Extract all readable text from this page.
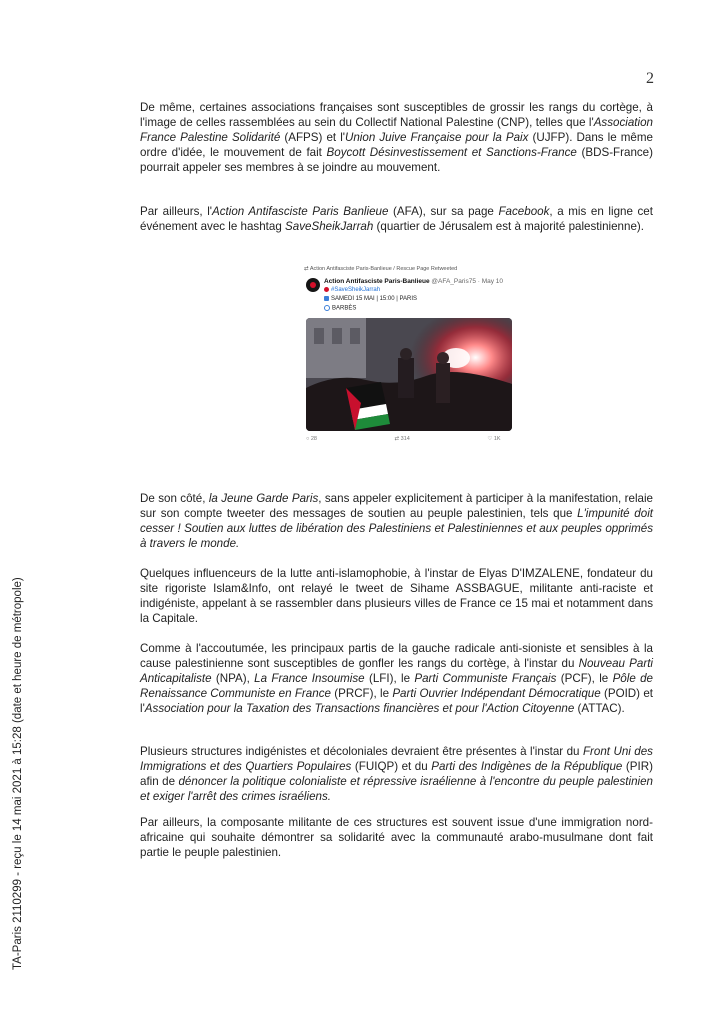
2
TA-Paris 2110299 - reçu le 14 mai 2021 à 15:28 (date et heure de métropole)

De même, certaines associations françaises sont susceptibles de grossir les rangs du cortège, à l'image de celles rassemblées au sein du Collectif National Palestine (CNP), telles que l'Association France Palestine Solidarité (AFPS) et l'Union Juive Française pour la Paix (UJFP). Dans le même ordre d'idée, le mouvement de fait Boycott Désinvestissement et Sanctions-France (BDS-France) pourrait appeler ses membres à se joindre au mouvement.

Par ailleurs, l'Action Antifasciste Paris Banlieue (AFA), sur sa page Facebook, a mis en ligne cet événement avec le hashtag SaveSheikJarrah (quartier de Jérusalem est à majorité palestinienne).

⇄ Action Antifasciste Paris-Banlieue / Rescue Page Retweeted
Action Antifasciste Paris-Banlieue @AFA_Paris75 · May 10
#SaveSheikJarrah
SAMEDI 15 MAI | 15:00 | PARIS
BARBÈS
○ 28	⇄ 314	♡ 1K

De son côté, la Jeune Garde Paris, sans appeler explicitement à participer à la manifestation, relaie sur son compte tweeter des messages de soutien au peuple palestinien, tels que L'impunité doit cesser ! Soutien aux luttes de libération des Palestiniens et Palestiniennes et aux peuples opprimés à travers le monde.

Quelques influenceurs de la lutte anti-islamophobie, à l'instar de Elyas D'IMZALENE, fondateur du site rigoriste Islam&Info, ont relayé le tweet de Sihame ASSBAGUE, militante anti-raciste et indigéniste, appelant à se rassembler dans plusieurs villes de France ce 15 mai et notamment dans la Capitale.

Comme à l'accoutumée, les principaux partis de la gauche radicale anti-sioniste et sensibles à la cause palestinienne sont susceptibles de gonfler les rangs du cortège, à l'instar du Nouveau Parti Anticapitaliste (NPA), La France Insoumise (LFI), le Parti Communiste Français (PCF), le Pôle de Renaissance Communiste en France (PRCF), le Parti Ouvrier Indépendant Démocratique (POID) et l'Association pour la Taxation des Transactions financières et pour l'Action Citoyenne (ATTAC).

Plusieurs structures indigénistes et décoloniales devraient être présentes à l'instar du Front Uni des Immigrations et des Quartiers Populaires (FUIQP) et du Parti des Indigènes de la République (PIR) afin de dénoncer la politique colonialiste et répressive israélienne à l'encontre du peuple palestinien et exiger l'arrêt des crimes israéliens.

Par ailleurs, la composante militante de ces structures est souvent issue d'une immigration nord-africaine qui souhaite démontrer sa solidarité avec la communauté arabo-musulmane dont fait partie le peuple palestinien.
